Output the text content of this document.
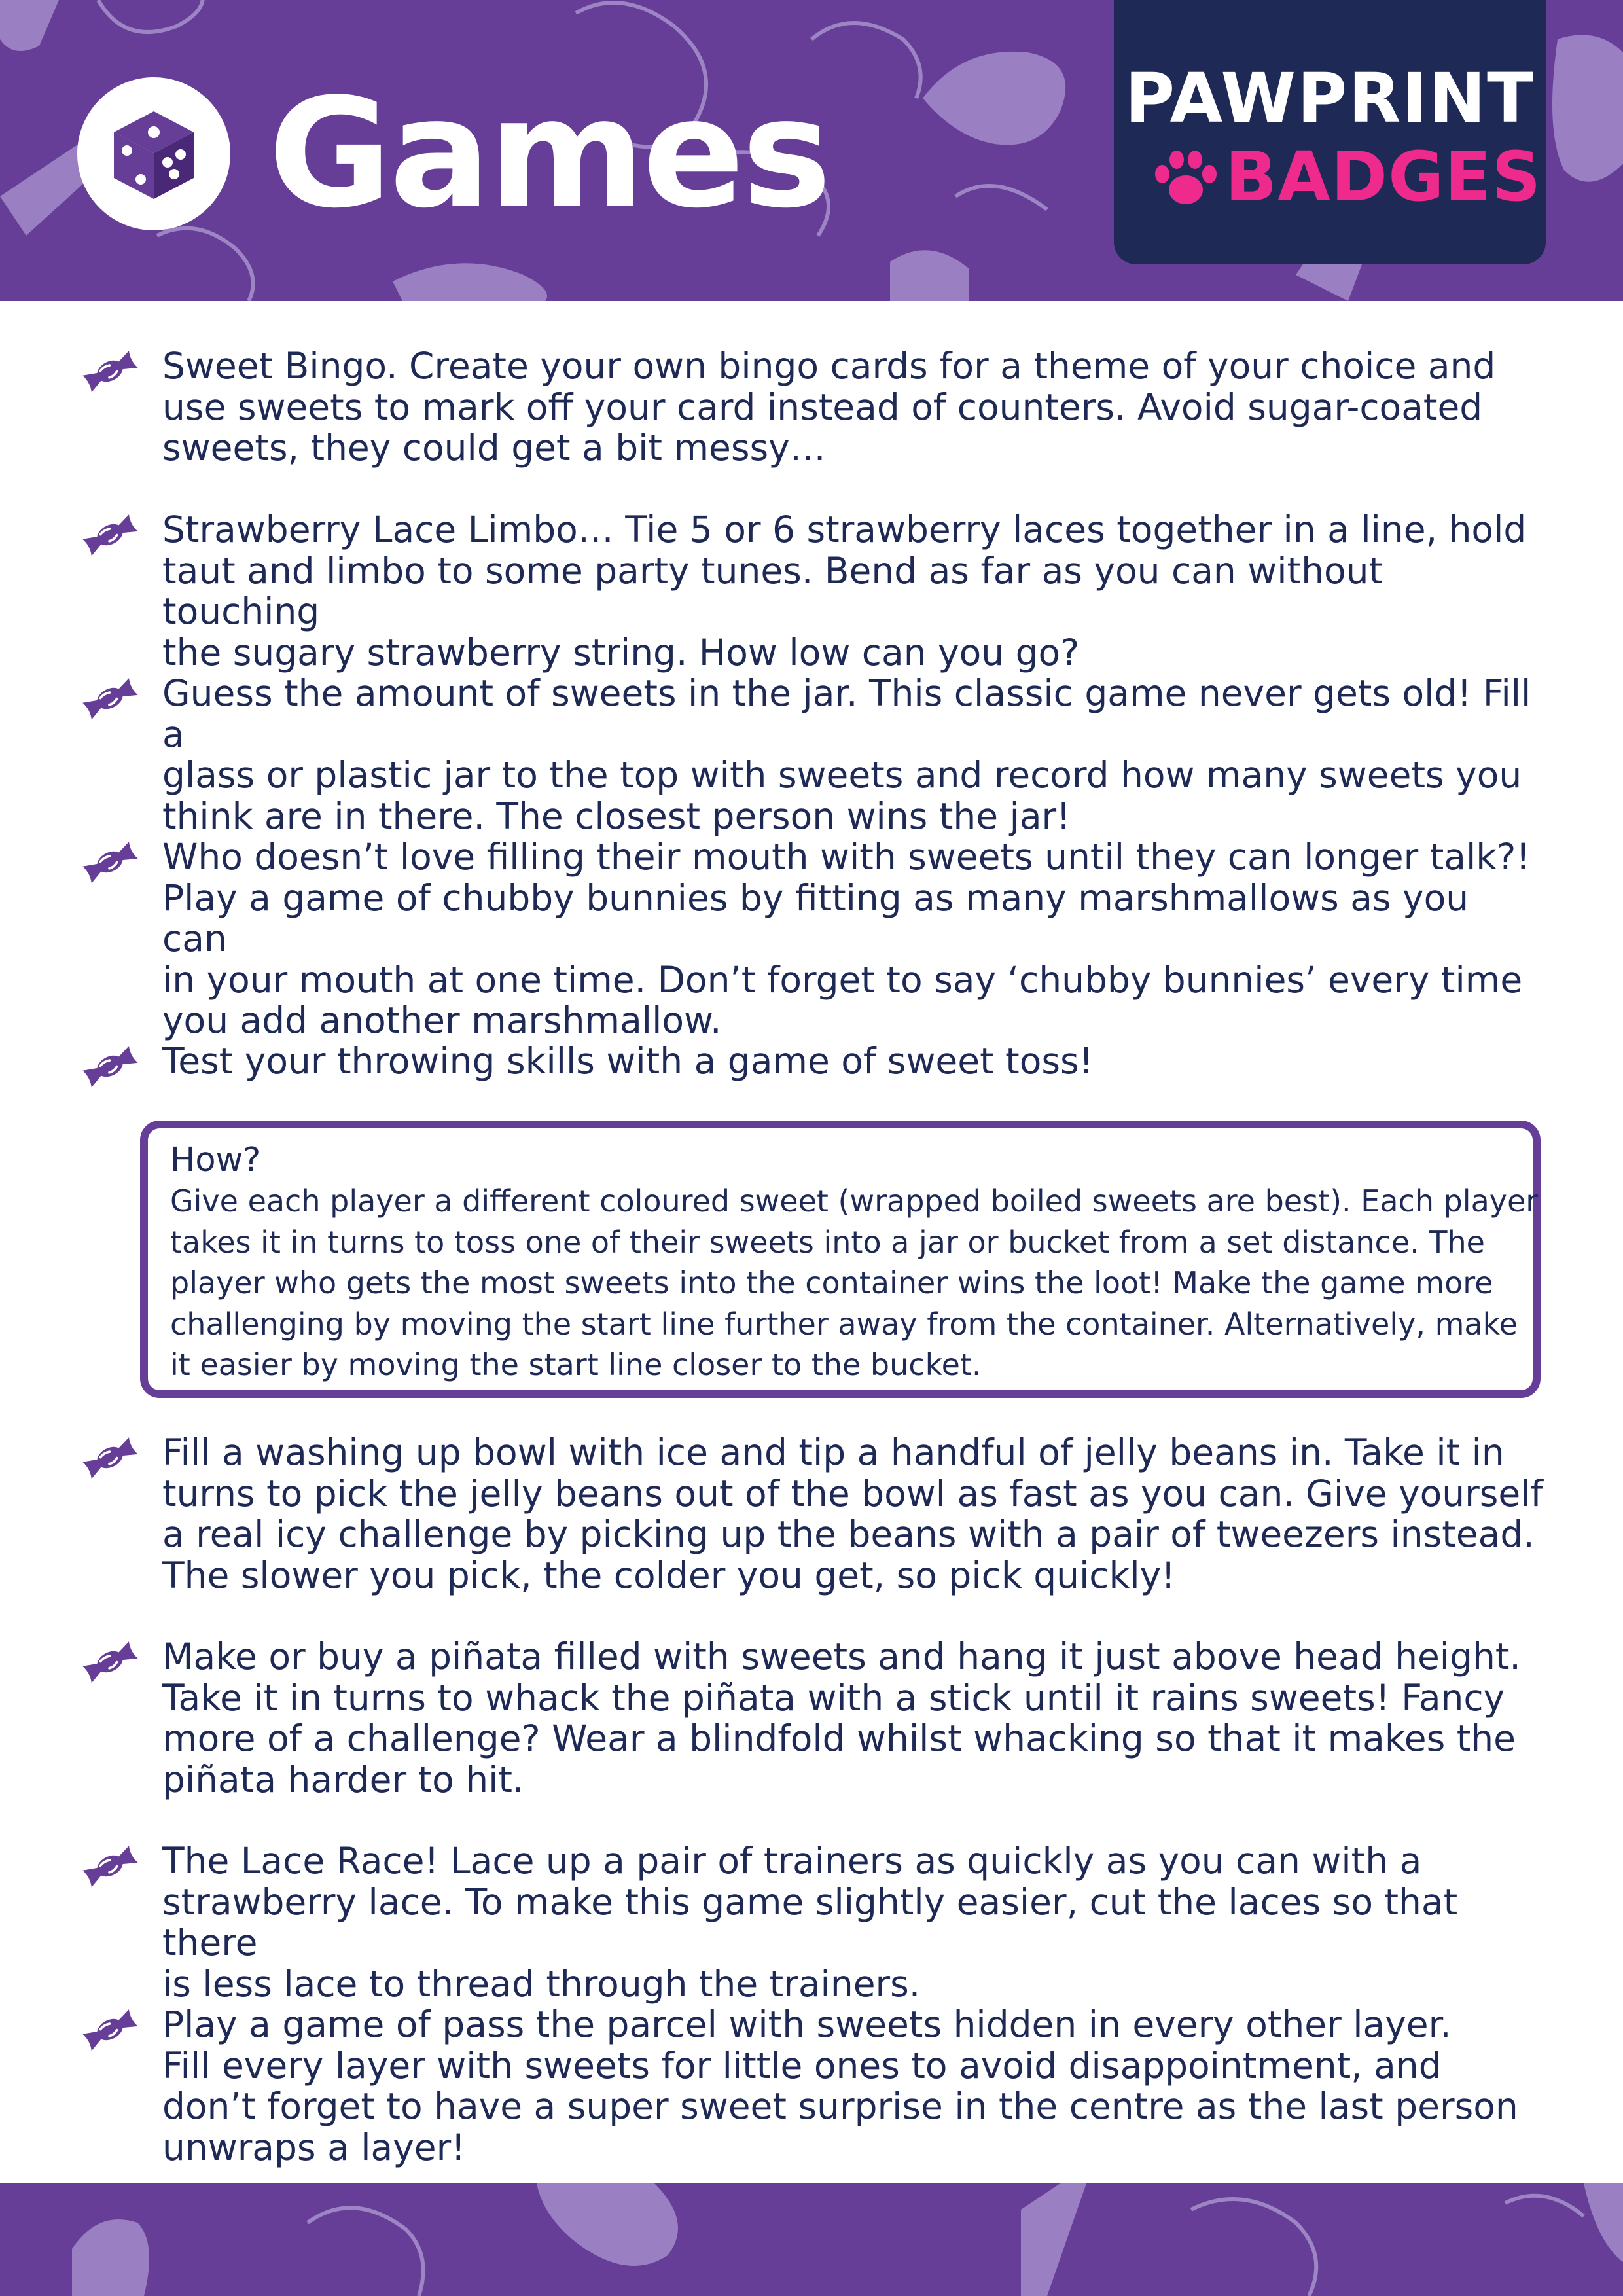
Games	PAWPRINT
BADGES
Sweet Bingo. Create your own bingo cards for a theme of your choice and
use sweets to mark off your card instead of counters. Avoid sugar-coated
sweets, they could get a bit messy…
Strawberry Lace Limbo… Tie 5 or 6 strawberry laces together in a line, hold
taut and limbo to some party tunes. Bend as far as you can without touching
the sugary strawberry string. How low can you go?
Guess the amount of sweets in the jar. This classic game never gets old! Fill a
glass or plastic jar to the top with sweets and record how many sweets you
think are in there. The closest person wins the jar!
Who doesn’t love filling their mouth with sweets until they can longer talk?!
Play a game of chubby bunnies by fitting as many marshmallows as you can
in your mouth at one time. Don’t forget to say ‘chubby bunnies’ every time
you add another marshmallow.
Test your throwing skills with a game of sweet toss!
How?
Give each player a different coloured sweet (wrapped boiled sweets are best). Each player
takes it in turns to toss one of their sweets into a jar or bucket from a set distance. The
player who gets the most sweets into the container wins the loot! Make the game more
challenging by moving the start line further away from the container. Alternatively, make
it easier by moving the start line closer to the bucket.
Fill a washing up bowl with ice and tip a handful of jelly beans in. Take it in
turns to pick the jelly beans out of the bowl as fast as you can. Give yourself
a real icy challenge by picking up the beans with a pair of tweezers instead.
The slower you pick, the colder you get, so pick quickly!
Make or buy a piñata filled with sweets and hang it just above head height.
Take it in turns to whack the piñata with a stick until it rains sweets! Fancy
more of a challenge? Wear a blindfold whilst whacking so that it makes the
piñata harder to hit.
The Lace Race! Lace up a pair of trainers as quickly as you can with a
strawberry lace. To make this game slightly easier, cut the laces so that there
is less lace to thread through the trainers.
Play a game of pass the parcel with sweets hidden in every other layer.
Fill every layer with sweets for little ones to avoid disappointment, and
don’t forget to have a super sweet surprise in the centre as the last person
unwraps a layer!
